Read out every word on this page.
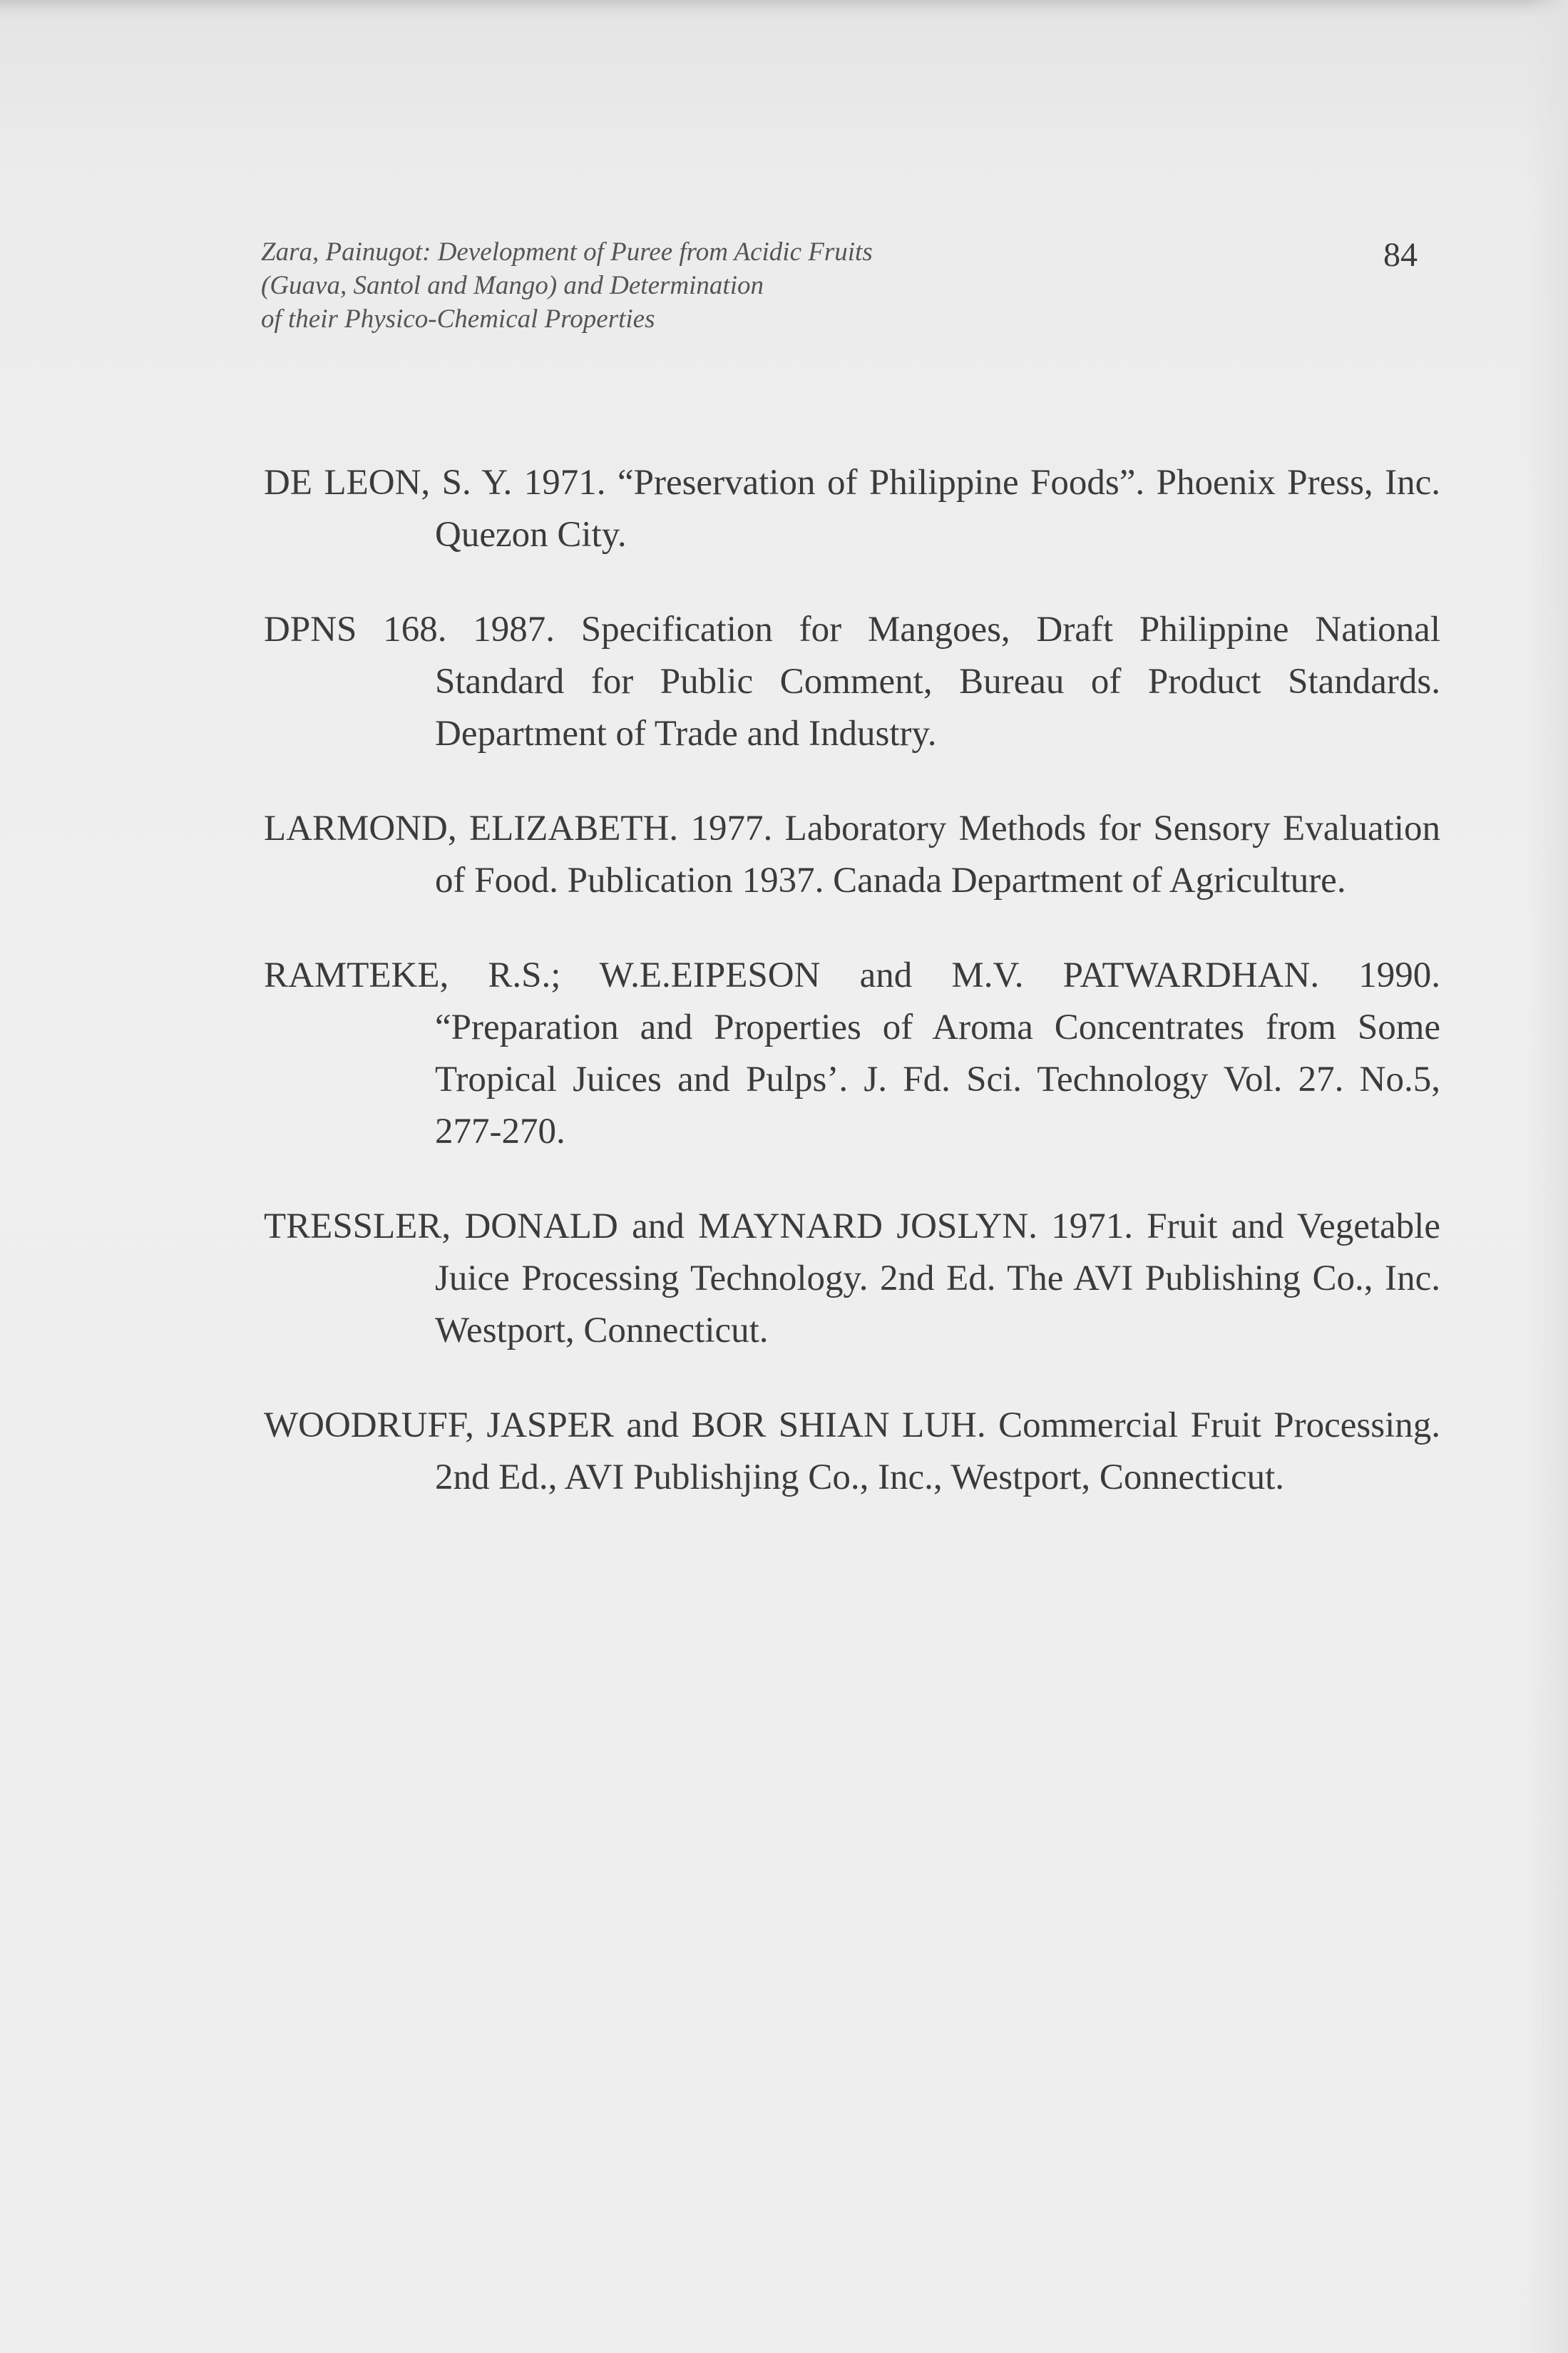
Zara, Painugot: Development of Puree from Acidic Fruits
(Guava, Santol and Mango) and Determination
of their Physico-Chemical Properties
84

DE LEON, S. Y. 1971. “Preservation of Philippine Foods”. Phoenix Press, Inc. Quezon City.

DPNS 168. 1987. Specification for Mangoes, Draft Philippine National Standard for Public Comment, Bureau of Product Standards. Department of Trade and Industry.

LARMOND, ELIZABETH. 1977. Laboratory Methods for Sensory Evaluation of Food. Publication 1937. Canada Department of Agriculture.

RAMTEKE, R.S.; W.E.EIPESON and M.V. PATWARDHAN. 1990. “Preparation and Properties of Aroma Concentrates from Some Tropical Juices and Pulps’. J. Fd. Sci. Technology Vol. 27. No.5, 277-270.

TRESSLER, DONALD and MAYNARD JOSLYN. 1971. Fruit and Vegetable Juice Processing Technology. 2nd Ed. The AVI Publishing Co., Inc. Westport, Connecticut.

WOODRUFF, JASPER and BOR SHIAN LUH. Commercial Fruit Processing. 2nd Ed., AVI Publishjing Co., Inc., Westport, Connecticut.
